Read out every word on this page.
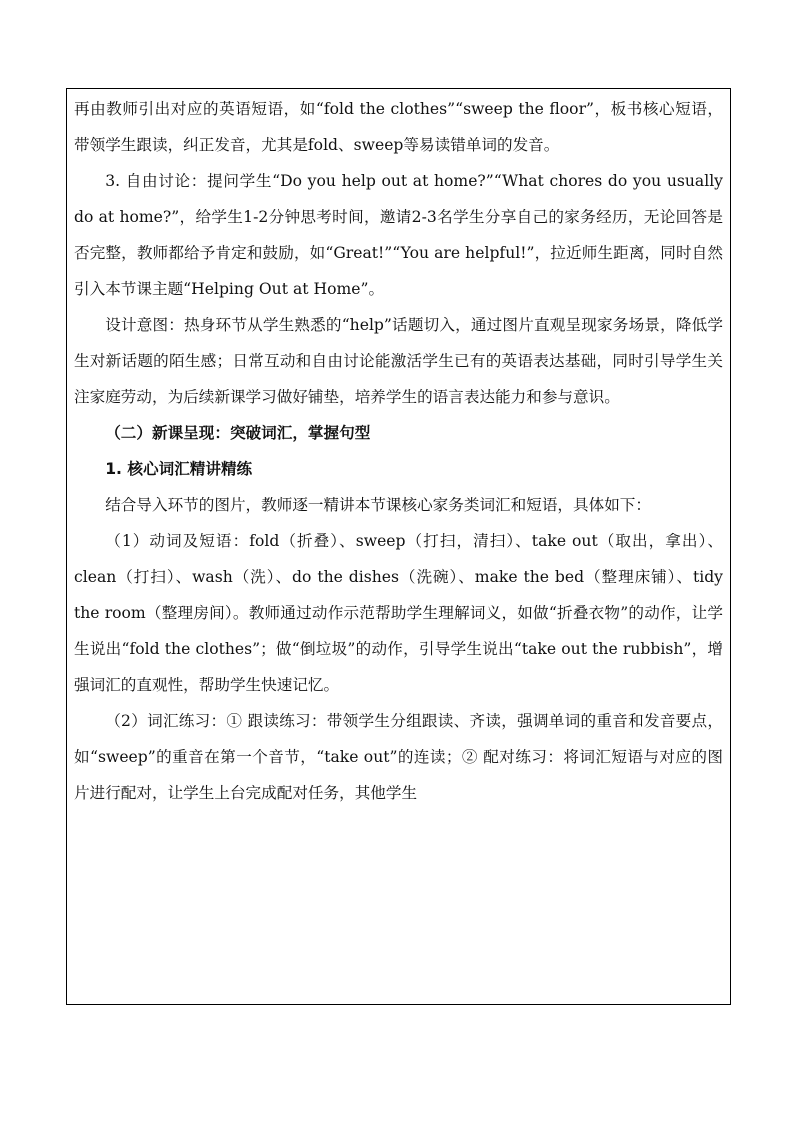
再由教师引出对应的英语短语，如“fold the clothes”“sweep the floor”，板书核心短语，带领学生跟读，纠正发音，尤其是fold、sweep等易读错单词的发音。

3. 自由讨论：提问学生“Do you help out at home?”“What chores do you usually do at home?”，给学生1-2分钟思考时间，邀请2-3名学生分享自己的家务经历，无论回答是否完整，教师都给予肯定和鼓励，如“Great!”“You are helpful!”，拉近师生距离，同时自然引入本节课主题“Helping Out at Home”。

设计意图：热身环节从学生熟悉的“help”话题切入，通过图片直观呈现家务场景，降低学生对新话题的陌生感；日常互动和自由讨论能激活学生已有的英语表达基础，同时引导学生关注家庭劳动，为后续新课学习做好铺垫，培养学生的语言表达能力和参与意识。

（二）新课呈现：突破词汇，掌握句型

1. 核心词汇精讲精练

结合导入环节的图片，教师逐一精讲本节课核心家务类词汇和短语，具体如下：

（1）动词及短语：fold（折叠）、sweep（打扫，清扫）、take out（取出，拿出）、clean（打扫）、wash（洗）、do the dishes（洗碗）、make the bed（整理床铺）、tidy the room（整理房间）。教师通过动作示范帮助学生理解词义，如做“折叠衣物”的动作，让学生说出“fold the clothes”；做“倒垃圾”的动作，引导学生说出“take out the rubbish”，增强词汇的直观性，帮助学生快速记忆。

（2）词汇练习：① 跟读练习：带领学生分组跟读、齐读，强调单词的重音和发音要点，如“sweep”的重音在第一个音节，“take out”的连读；② 配对练习：将词汇短语与对应的图片进行配对，让学生上台完成配对任务，其他学生
